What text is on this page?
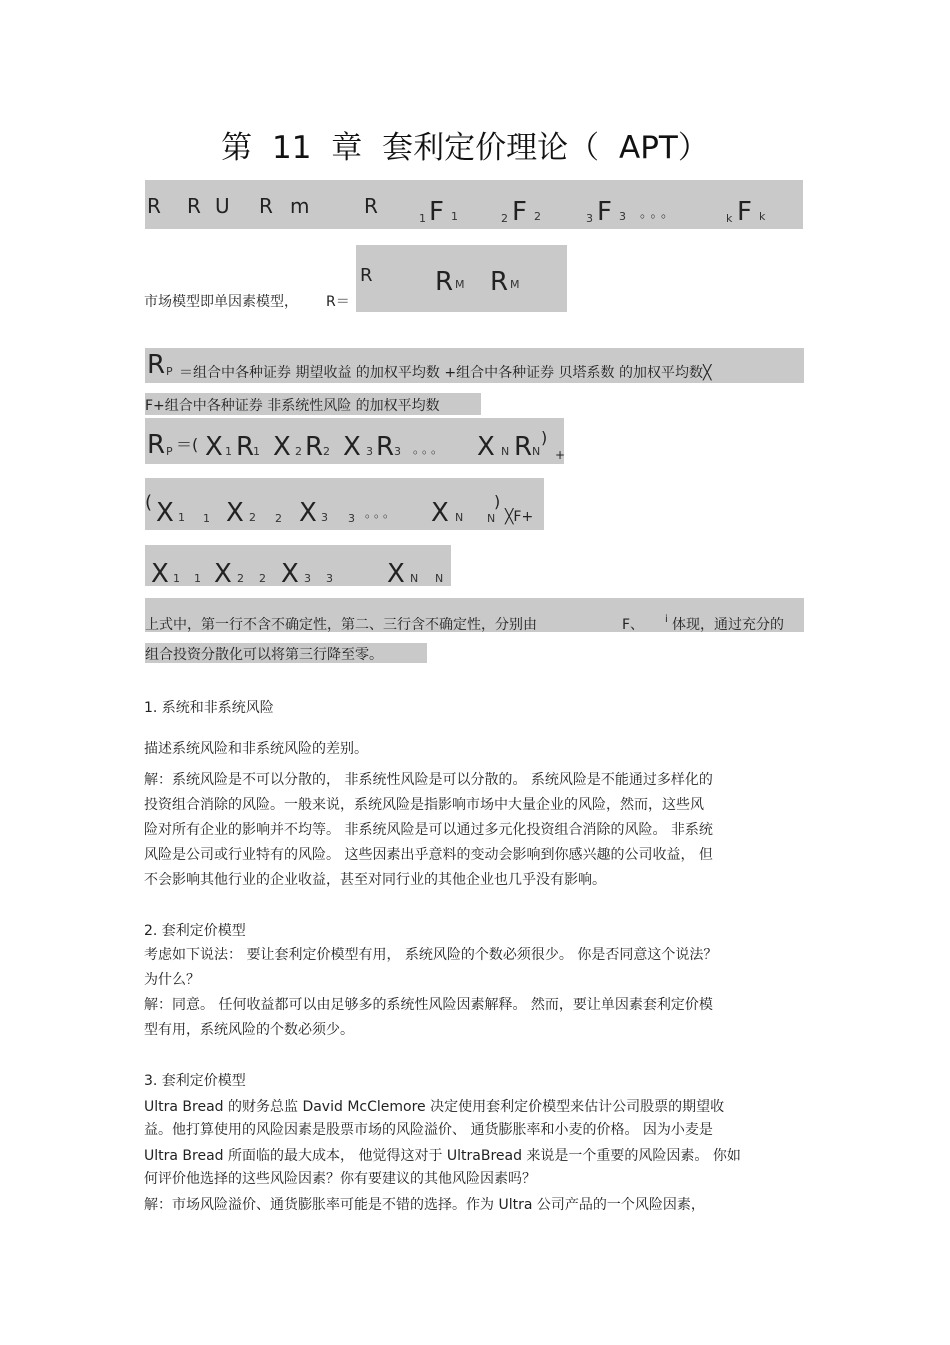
第 11 章 套利定价理论（ APT）
R R U R m	R
1 F 1	2 F 2	3 F 3 。。。	k F k
市场模型即单因素模型， R＝
R R M R M
R P ＝组合中各种证券 期望收益 的加权平均数 +组合中各种证券 贝塔系数 的加权平均数╳
F+组合中各种证券 非系统性风险 的加权平均数
R P ＝( X 1 R
1 X 2 R 2 X 3 R 3 。。。 X N R N
)
+
( X 1 1 X 2 2 X 3 3 。。。 X N N
)
╳F+
X 1 1 X 2 2 X 3 3 X N N
上式中，第一行不含不确定性，第二、三行含不确定性，分别由	F、 i 体现，通过充分的
组合投资分散化可以将第三行降至零。
1. 系统和非系统风险
描述系统风险和非系统风险的差别。
解：系统风险是不可以分散的， 非系统性风险是可以分散的。 系统风险是不能通过多样化的
投资组合消除的风险。一般来说，系统风险是指影响市场中大量企业的风险，然而，这些风
险对所有企业的影响并不均等。 非系统风险是可以通过多元化投资组合消除的风险。 非系统
风险是公司或行业特有的风险。 这些因素出乎意料的变动会影响到你感兴趣的公司收益， 但
不会影响其他行业的企业收益，甚至对同行业的其他企业也几乎没有影响。
2. 套利定价模型
考虑如下说法： 要让套利定价模型有用， 系统风险的个数必须很少。 你是否同意这个说法？
为什么？
解：同意。 任何收益都可以由足够多的系统性风险因素解释。 然而，要让单因素套利定价模
型有用，系统风险的个数必须少。
3. 套利定价模型
Ultra Bread 的财务总监 David McClemore 决定使用套利定价模型来估计公司股票的期望收
益。他打算使用的风险因素是股票市场的风险溢价、 通货膨胀率和小麦的价格。 因为小麦是
Ultra Bread 所面临的最大成本， 他觉得这对于 UltraBread 来说是一个重要的风险因素。 你如
何评价他选择的这些风险因素？你有要建议的其他风险因素吗？
解：市场风险溢价、通货膨胀率可能是不错的选择。作为 Ultra 公司产品的一个风险因素，
